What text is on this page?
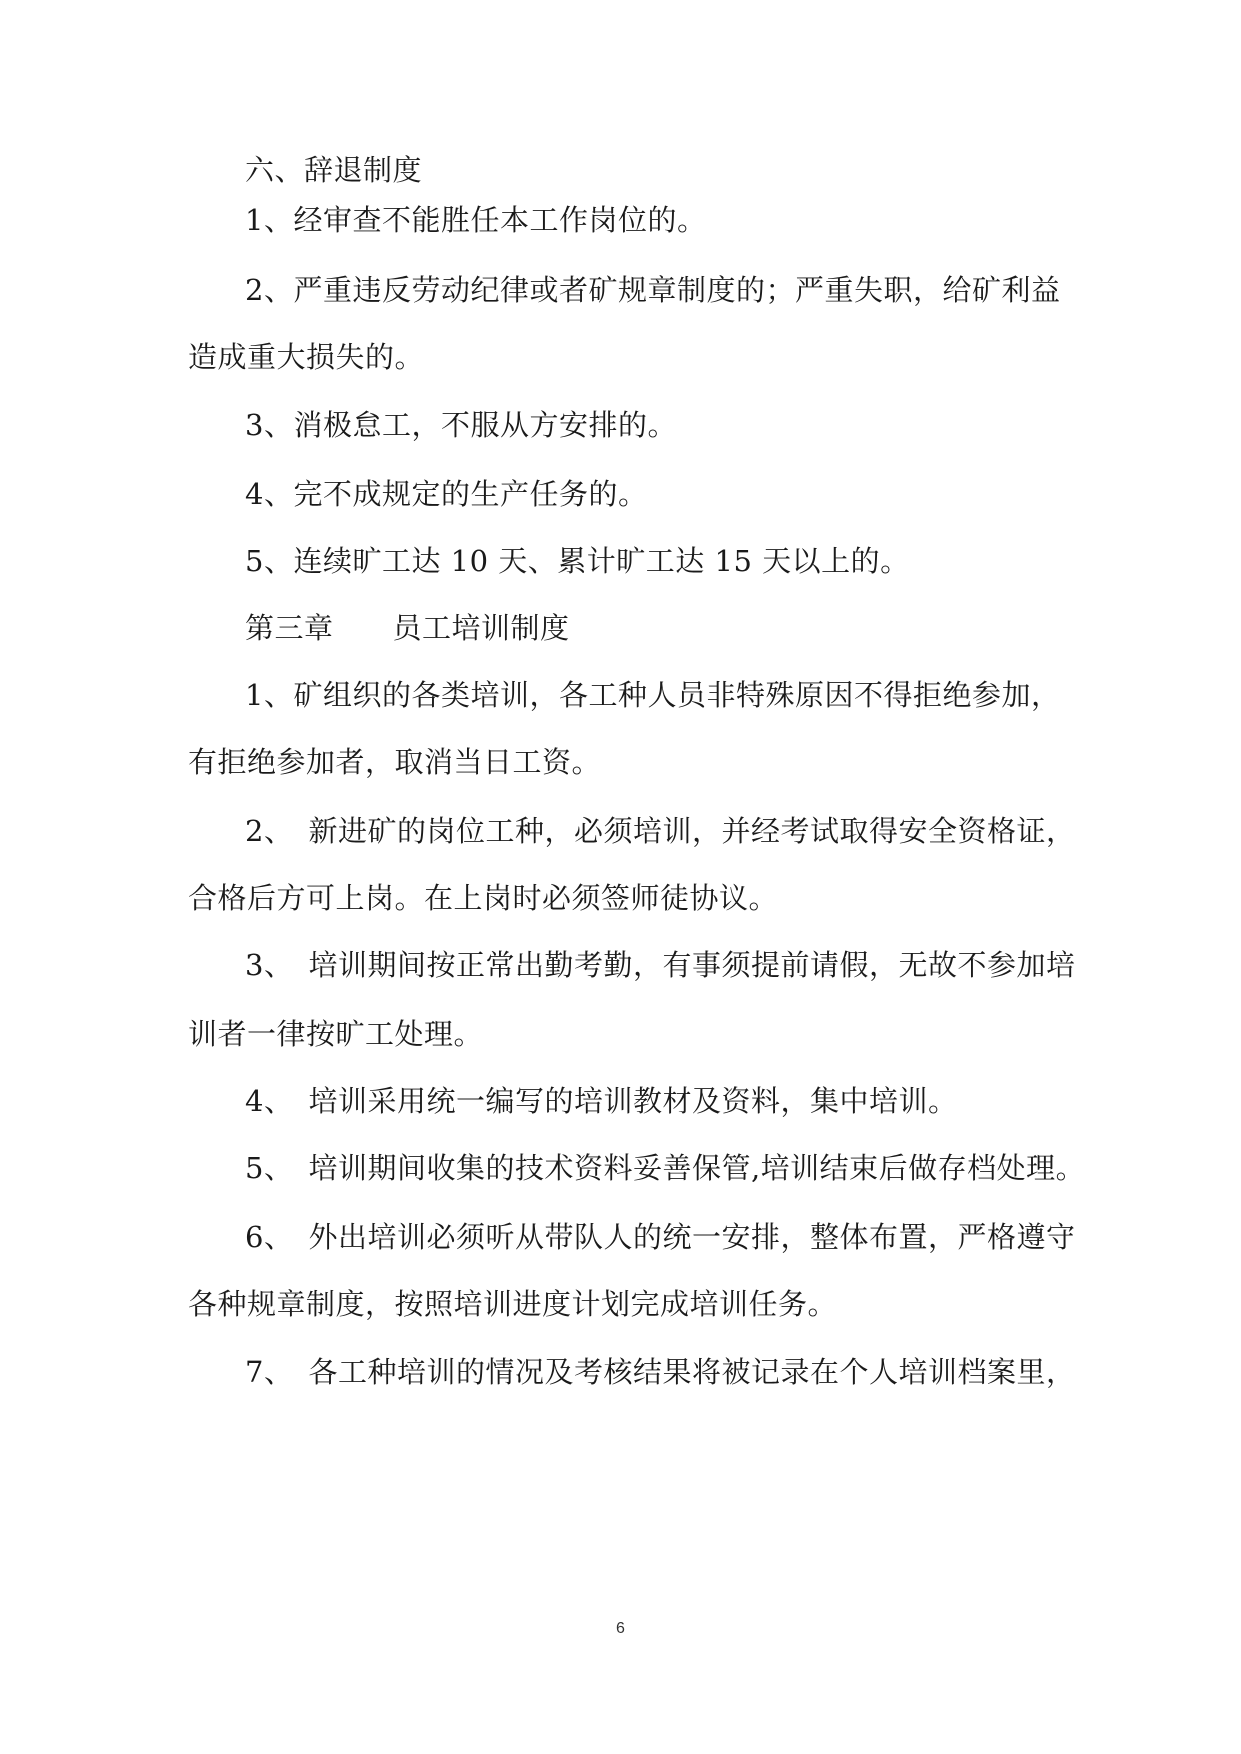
六、辞退制度
1、经审查不能胜任本工作岗位的。
2、严重违反劳动纪律或者矿规章制度的；严重失职，给矿利益
造成重大损失的。
3、消极怠工，不服从方安排的。
4、完不成规定的生产任务的。
5、连续旷工达 10 天、累计旷工达 15 天以上的。
第三章　　员工培训制度
1、矿组织的各类培训，各工种人员非特殊原因不得拒绝参加，
有拒绝参加者，取消当日工资。
2、　新进矿的岗位工种，必须培训，并经考试取得安全资格证，
合格后方可上岗。在上岗时必须签师徒协议。
3、　培训期间按正常出勤考勤，有事须提前请假，无故不参加培
训者一律按旷工处理。
4、　培训采用统一编写的培训教材及资料，集中培训。
5、　培训期间收集的技术资料妥善保管,培训结束后做存档处理。
6、　外出培训必须听从带队人的统一安排，整体布置，严格遵守
各种规章制度，按照培训进度计划完成培训任务。
7、　各工种培训的情况及考核结果将被记录在个人培训档案里，
6
